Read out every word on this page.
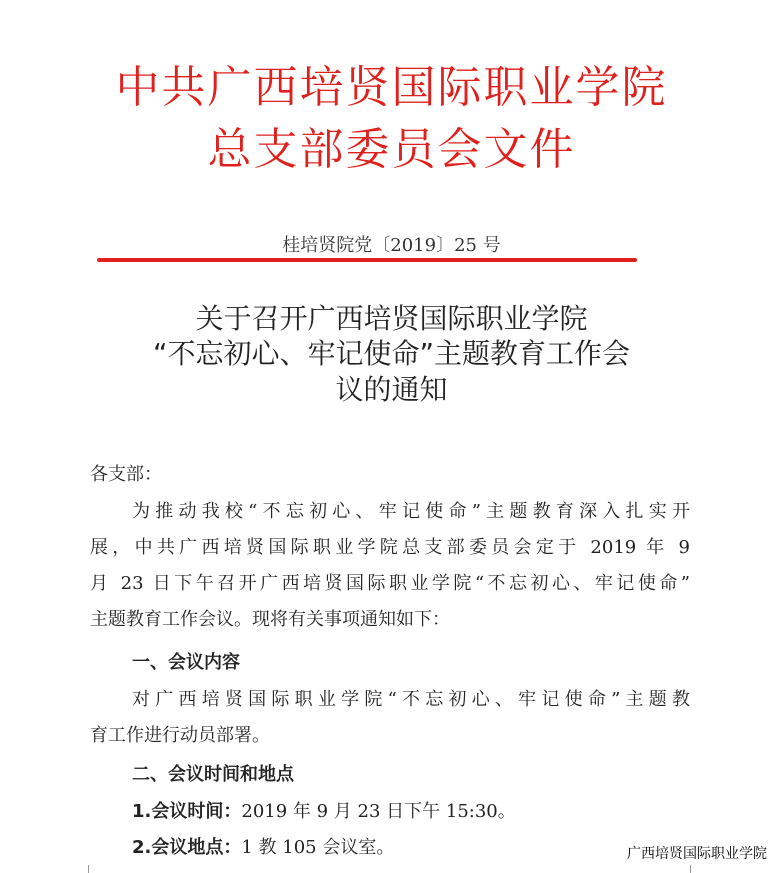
中共广西培贤国际职业学院
总支部委员会文件
桂培贤院党〔2019〕25 号
关于召开广西培贤国际职业学院
“不忘初心、牢记使命”主题教育工作会
议的通知
各支部：
为推动我校“不忘初心、牢记使命”主题教育深入扎实开
展，中共广西培贤国际职业学院总支部委员会定于 2019 年 9
月 23 日下午召开广西培贤国际职业学院“不忘初心、牢记使命”
主题教育工作会议。现将有关事项通知如下：
一、会议内容
对广西培贤国际职业学院“不忘初心、牢记使命”主题教
育工作进行动员部署。
二、会议时间和地点
1.会议时间：2019 年 9 月 23 日下午 15:30。
2.会议地点：1 教 105 会议室。	广西培贤国际职业学院
